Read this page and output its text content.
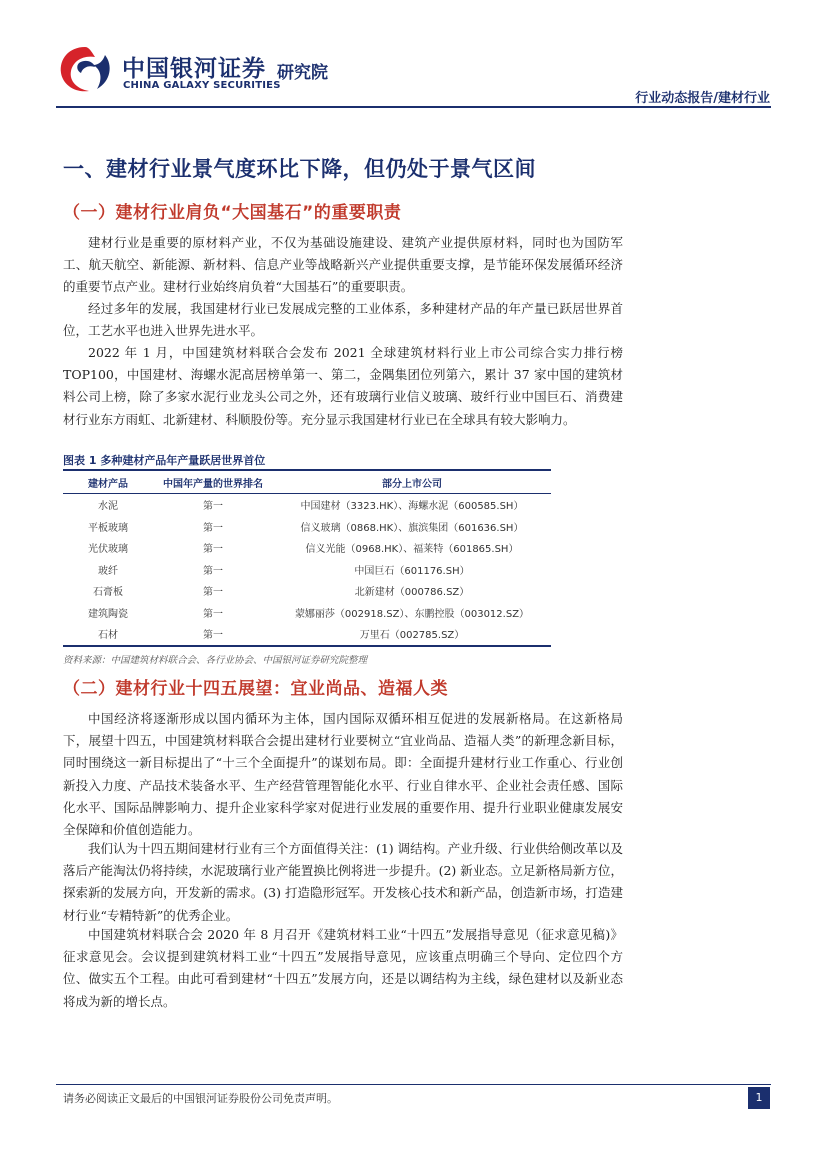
中国银河证券 研究院
CHINA GALAXY SECURITIES
行业动态报告/建材行业
一、建材行业景气度环比下降，但仍处于景气区间
（一）建材行业肩负“大国基石”的重要职责
建材行业是重要的原材料产业，不仅为基础设施建设、建筑产业提供原材料，同时也为国防军工、航天航空、新能源、新材料、信息产业等战略新兴产业提供重要支撑，是节能环保发展循环经济的重要节点产业。建材行业始终肩负着“大国基石”的重要职责。
经过多年的发展，我国建材行业已发展成完整的工业体系，多种建材产品的年产量已跃居世界首位，工艺水平也进入世界先进水平。
2022 年 1 月，中国建筑材料联合会发布 2021 全球建筑材料行业上市公司综合实力排行榜 TOP100，中国建材、海螺水泥高居榜单第一、第二，金隅集团位列第六，累计 37 家中国的建筑材料公司上榜，除了多家水泥行业龙头公司之外，还有玻璃行业信义玻璃、玻纤行业中国巨石、消费建材行业东方雨虹、北新建材、科顺股份等。充分显示我国建材行业已在全球具有较大影响力。
图表 1 多种建材产品年产量跃居世界首位
建材产品	中国年产量的世界排名	部分上市公司
水泥	第一	中国建材（3323.HK）、海螺水泥（600585.SH）
平板玻璃	第一	信义玻璃（0868.HK）、旗滨集团（601636.SH）
光伏玻璃	第一	信义光能（0968.HK）、福莱特（601865.SH）
玻纤	第一	中国巨石（601176.SH）
石膏板	第一	北新建材（000786.SZ）
建筑陶瓷	第一	蒙娜丽莎（002918.SZ）、东鹏控股（003012.SZ）
石材	第一	万里石（002785.SZ）
资料来源：中国建筑材料联合会、各行业协会、中国银河证券研究院整理
（二）建材行业十四五展望：宜业尚品、造福人类
中国经济将逐渐形成以国内循环为主体，国内国际双循环相互促进的发展新格局。在这新格局下，展望十四五，中国建筑材料联合会提出建材行业要树立“宜业尚品、造福人类”的新理念新目标，同时围绕这一新目标提出了“十三个全面提升”的谋划布局。即：全面提升建材行业工作重心、行业创新投入力度、产品技术装备水平、生产经营管理智能化水平、行业自律水平、企业社会责任感、国际化水平、国际品牌影响力、提升企业家科学家对促进行业发展的重要作用、提升行业职业健康发展安全保障和价值创造能力。
我们认为十四五期间建材行业有三个方面值得关注：(1) 调结构。产业升级、行业供给侧改革以及落后产能淘汰仍将持续，水泥玻璃行业产能置换比例将进一步提升。(2) 新业态。立足新格局新方位，探索新的发展方向，开发新的需求。(3) 打造隐形冠军。开发核心技术和新产品，创造新市场，打造建材行业“专精特新”的优秀企业。
中国建筑材料联合会 2020 年 8 月召开《建筑材料工业“十四五”发展指导意见（征求意见稿)》征求意见会。会议提到建筑材料工业“十四五”发展指导意见，应该重点明确三个导向、定位四个方位、做实五个工程。由此可看到建材“十四五”发展方向，还是以调结构为主线，绿色建材以及新业态将成为新的增长点。
请务必阅读正文最后的中国银河证券股份公司免责声明。	1
